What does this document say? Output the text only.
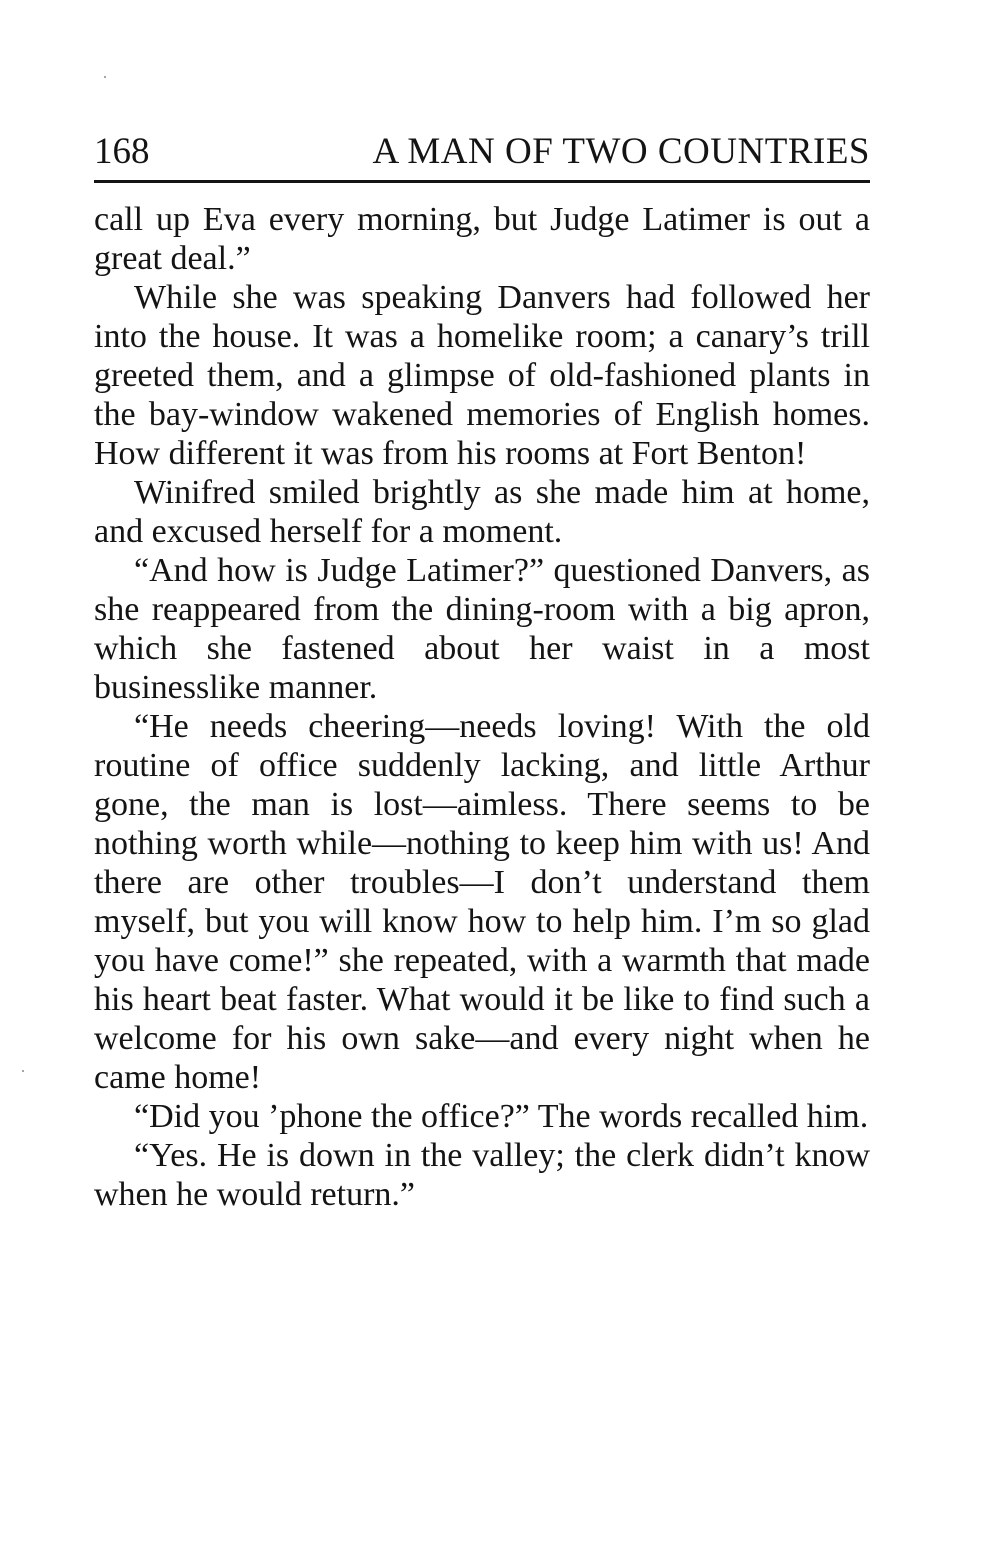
168	A MAN OF TWO COUNTRIES

call up Eva every morning, but Judge Latimer is out a great deal.”

While she was speaking Danvers had followed her into the house. It was a homelike room; a canary’s trill greeted them, and a glimpse of old-fashioned plants in the bay-window wakened memories of English homes. How different it was from his rooms at Fort Benton!

Winifred smiled brightly as she made him at home, and excused herself for a moment.

“And how is Judge Latimer?” questioned Danvers, as she reappeared from the dining-room with a big apron, which she fastened about her waist in a most businesslike manner.

“He needs cheering—needs loving! With the old routine of office suddenly lacking, and little Arthur gone, the man is lost—aimless. There seems to be nothing worth while—nothing to keep him with us! And there are other troubles—I don’t understand them myself, but you will know how to help him. I’m so glad you have come!” she repeated, with a warmth that made his heart beat faster. What would it be like to find such a welcome for his own sake—and every night when he came home!

“Did you ’phone the office?” The words recalled him.

“Yes. He is down in the valley; the clerk didn’t know when he would return.”
